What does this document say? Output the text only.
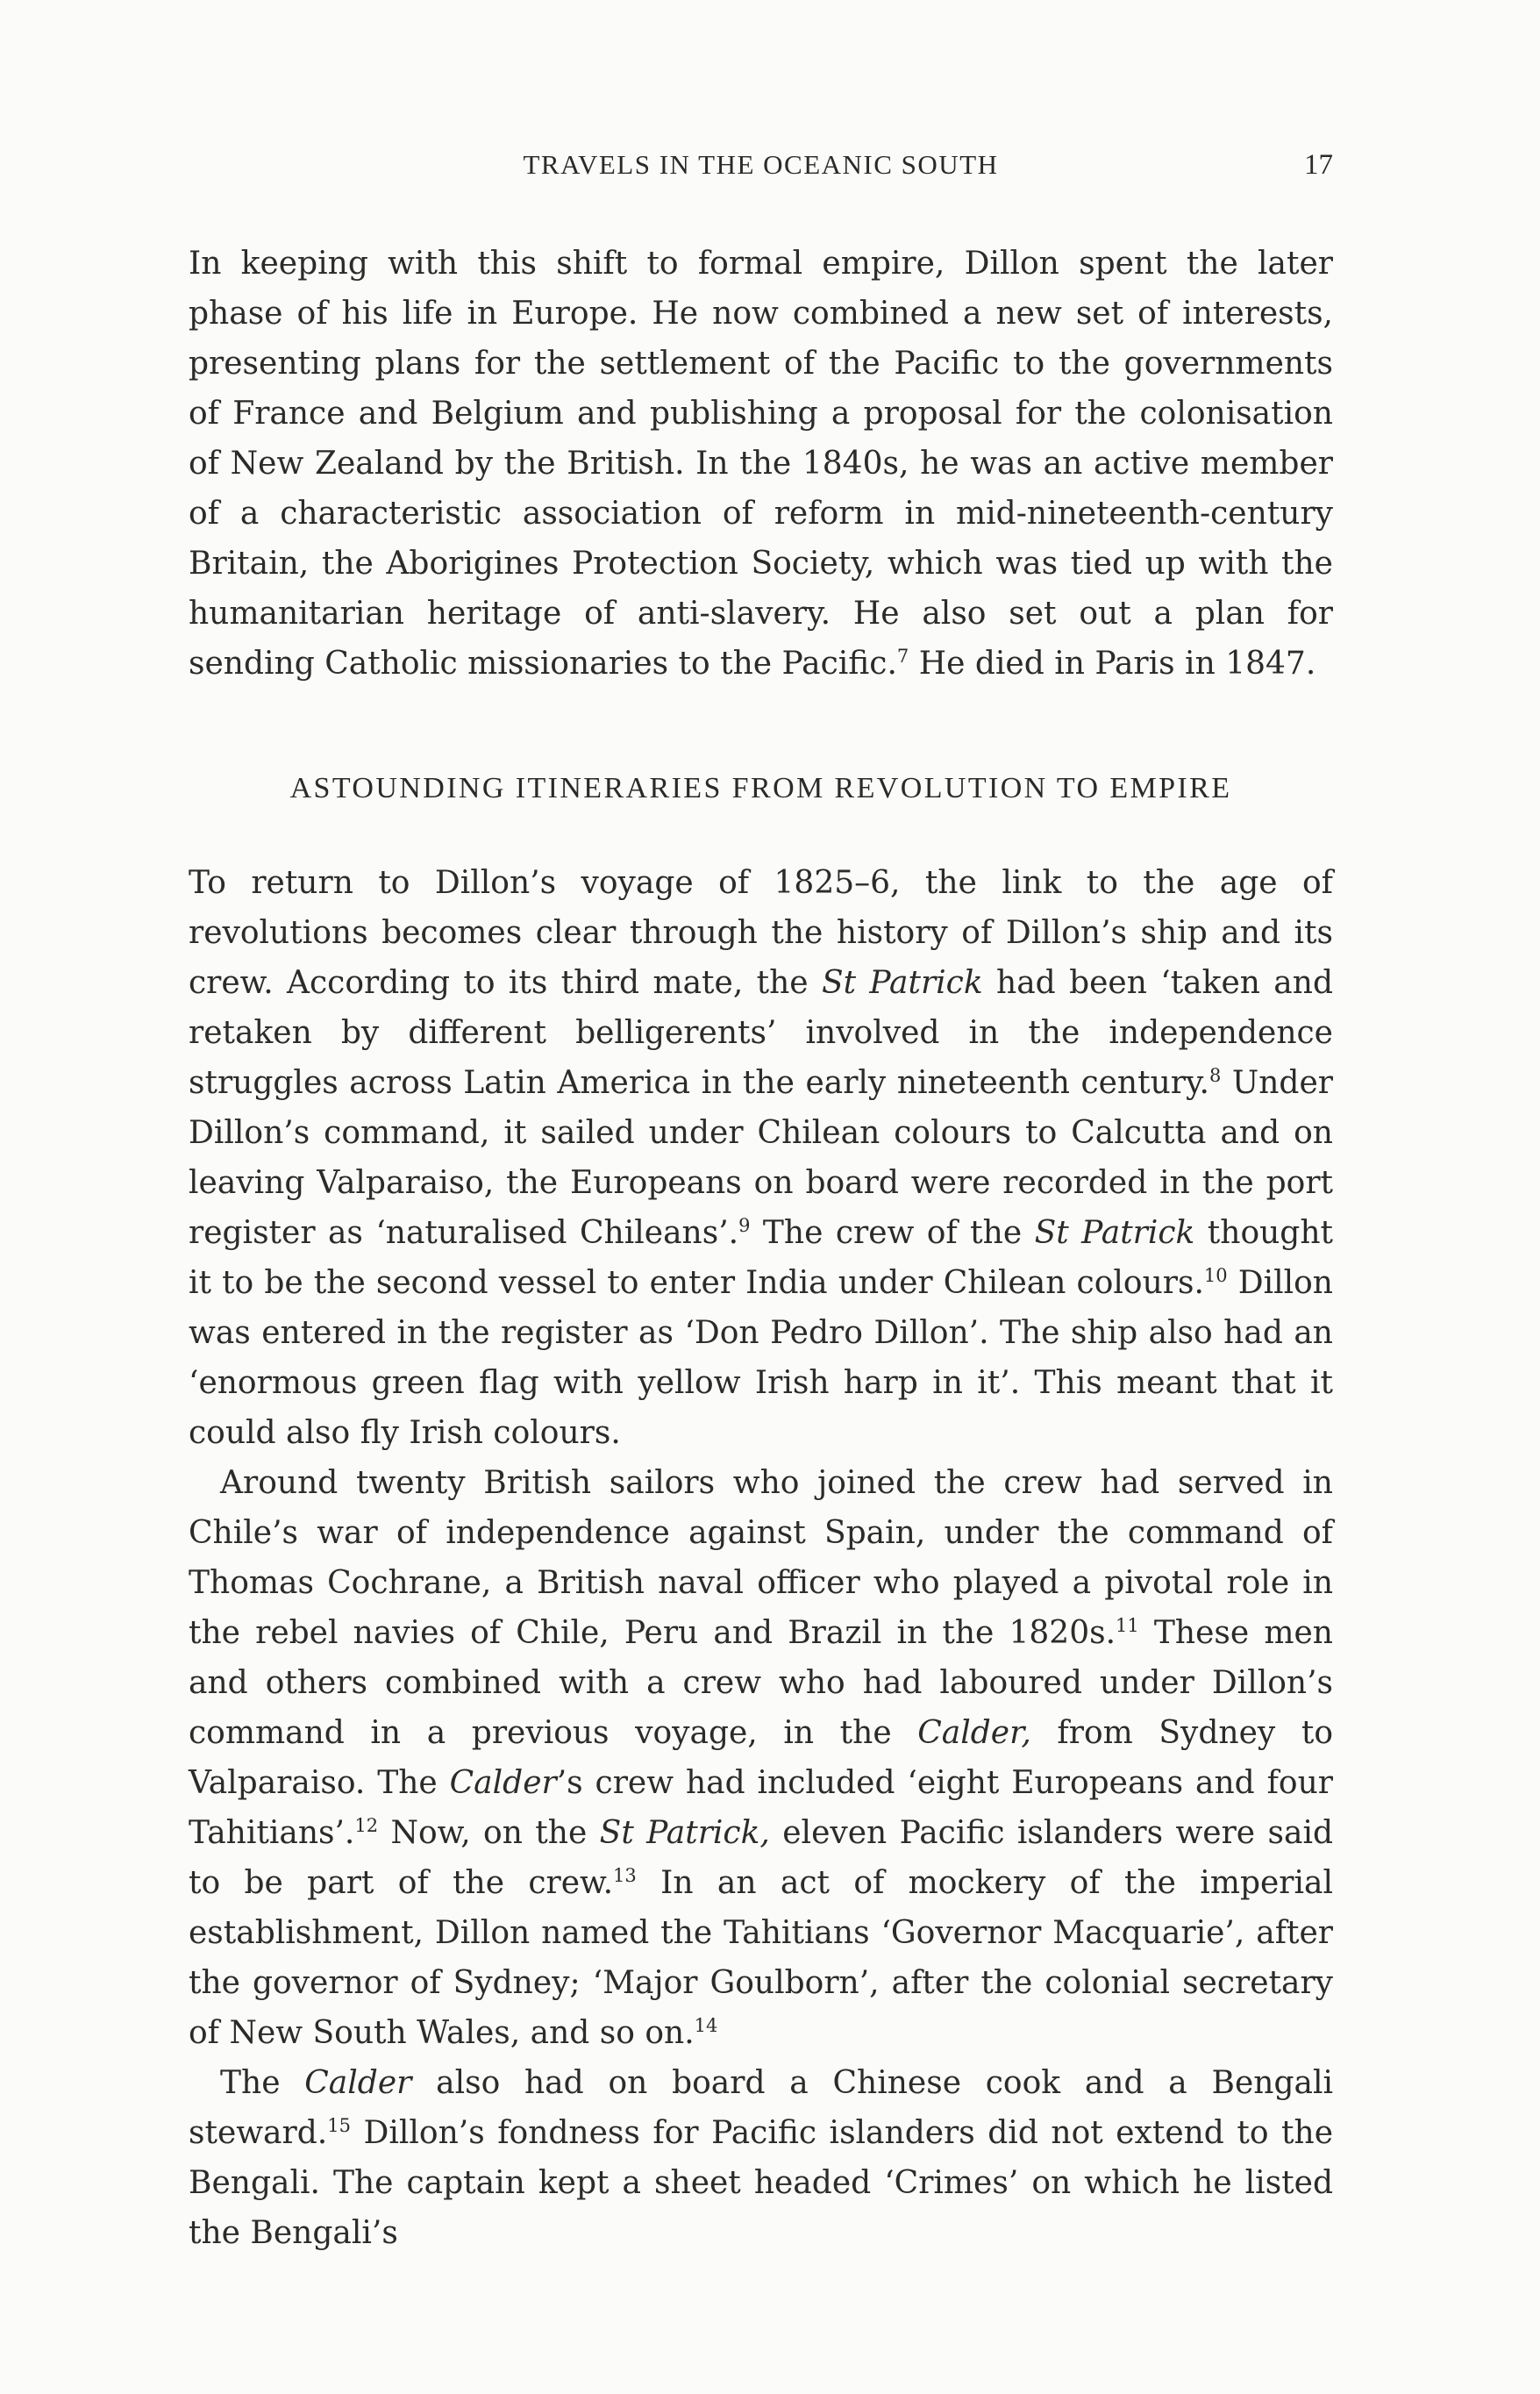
TRAVELS IN THE OCEANIC SOUTH	17

In keeping with this shift to formal empire, Dillon spent the later phase of his life in Europe. He now combined a new set of interests, presenting plans for the settlement of the Pacific to the governments of France and Belgium and publishing a proposal for the colonisation of New Zealand by the British. In the 1840s, he was an active member of a characteristic association of reform in mid-nineteenth-century Britain, the Aborigines Protection Society, which was tied up with the humanitarian heritage of anti-slavery. He also set out a plan for sending Catholic missionaries to the Pacific.$^7$ He died in Paris in 1847.

ASTOUNDING ITINERARIES FROM REVOLUTION TO EMPIRE

To return to Dillon’s voyage of 1825–6, the link to the age of revolutions becomes clear through the history of Dillon’s ship and its crew. According to its third mate, the St Patrick had been ‘taken and retaken by different belligerents’ involved in the independence struggles across Latin America in the early nineteenth century.$^8$ Under Dillon’s command, it sailed under Chilean colours to Calcutta and on leaving Valparaiso, the Europeans on board were recorded in the port register as ‘naturalised Chileans’.$^9$ The crew of the St Patrick thought it to be the second vessel to enter India under Chilean colours.$^{10}$ Dillon was entered in the register as ‘Don Pedro Dillon’. The ship also had an ‘enormous green flag with yellow Irish harp in it’. This meant that it could also fly Irish colours.

Around twenty British sailors who joined the crew had served in Chile’s war of independence against Spain, under the command of Thomas Cochrane, a British naval officer who played a pivotal role in the rebel navies of Chile, Peru and Brazil in the 1820s.$^{11}$ These men and others combined with a crew who had laboured under Dillon’s command in a previous voyage, in the Calder, from Sydney to Valparaiso. The Calder’s crew had included ‘eight Europeans and four Tahitians’.$^{12}$ Now, on the St Patrick, eleven Pacific islanders were said to be part of the crew.$^{13}$ In an act of mockery of the imperial establishment, Dillon named the Tahitians ‘Governor Macquarie’, after the governor of Sydney; ‘Major Goulborn’, after the colonial secretary of New South Wales, and so on.$^{14}$

The Calder also had on board a Chinese cook and a Bengali steward.$^{15}$ Dillon’s fondness for Pacific islanders did not extend to the Bengali. The captain kept a sheet headed ‘Crimes’ on which he listed the Bengali’s
